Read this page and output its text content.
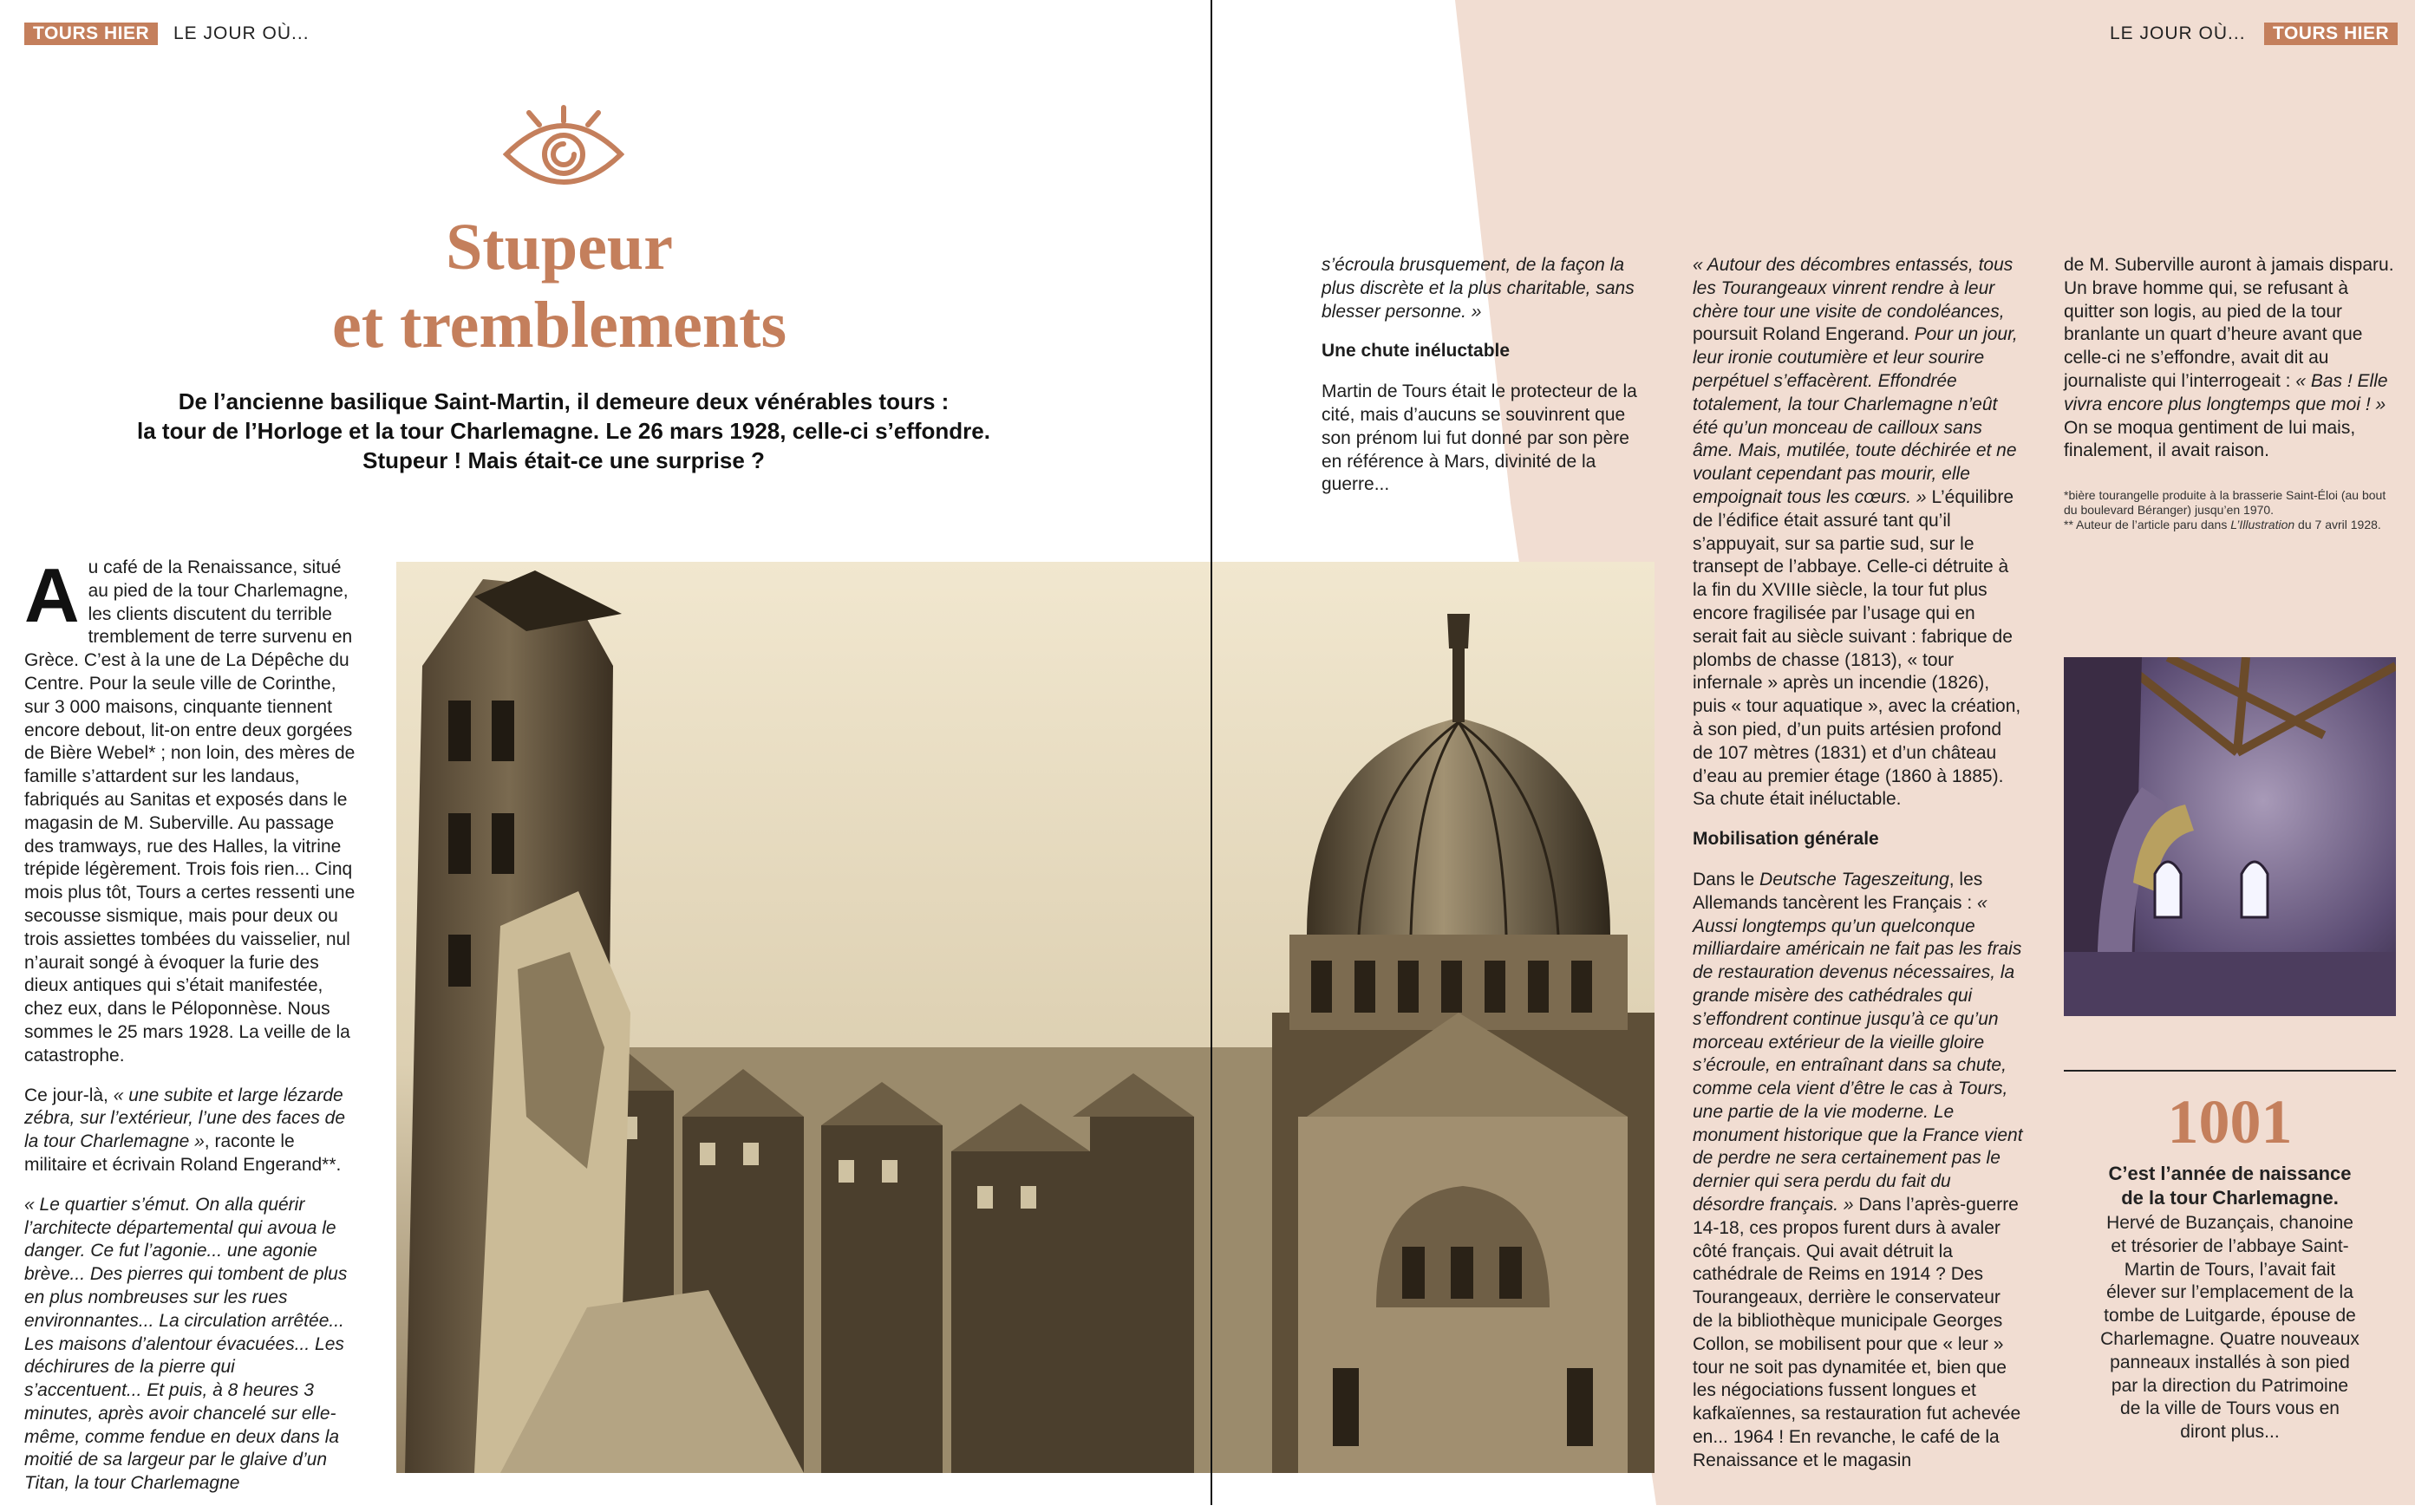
TOURS HIER	LE JOUR OÙ...	LE JOUR OÙ...	TOURS HIER
Stupeur
et tremblements
De l’ancienne basilique Saint-Martin, il demeure deux vénérables tours :
la tour de l’Horloge et la tour Charlemagne. Le 26 mars 1928, celle-ci s’effondre.
Stupeur ! Mais était-ce une surprise ?

Au café de la Renaissance, situé au pied de la tour Charlemagne, les clients discutent du terrible tremblement de terre survenu en Grèce. C’est à la une de La Dépêche du Centre. Pour la seule ville de Corinthe, sur 3 000 maisons, cinquante tiennent encore debout, lit-on entre deux gorgées de Bière Webel* ; non loin, des mères de famille s’attardent sur les landaus, fabriqués au Sanitas et exposés dans le magasin de M. Suberville. Au passage des tramways, rue des Halles, la vitrine trépide légèrement. Trois fois rien... Cinq mois plus tôt, Tours a certes ressenti une secousse sismique, mais pour deux ou trois assiettes tombées du vaisselier, nul n’aurait songé à évoquer la furie des dieux antiques qui s’était manifestée, chez eux, dans le Péloponnèse. Nous sommes le 25 mars 1928. La veille de la catastrophe.

Ce jour-là, « une subite et large lézarde zébra, sur l’extérieur, l’une des faces de la tour Charlemagne », raconte le militaire et écrivain Roland Engerand**.

« Le quartier s’émut. On alla quérir l’architecte départemental qui avoua le danger. Ce fut l’agonie... une agonie brève... Des pierres qui tombent de plus en plus nombreuses sur les rues environnantes... La circulation arrêtée... Les maisons d’alentour évacuées... Les déchirures de la pierre qui s’accentuent... Et puis, à 8 heures 3 minutes, après avoir chancelé sur elle-même, comme fendue en deux dans la moitié de sa largeur par le glaive d’un Titan, la tour Charlemagne

s’écroula brusquement, de la façon la plus discrète et la plus charitable, sans blesser personne. »

Une chute inéluctable

Martin de Tours était le protecteur de la cité, mais d’aucuns se souvinrent que son prénom lui fut donné par son père en référence à Mars, divinité de la guerre...

« Autour des décombres entassés, tous les Tourangeaux vinrent rendre à leur chère tour une visite de condoléances, poursuit Roland Engerand. Pour un jour, leur ironie coutumière et leur sourire perpétuel s’effacèrent. Effondrée totalement, la tour Charlemagne n’eût été qu’un monceau de cailloux sans âme. Mais, mutilée, toute déchirée et ne voulant cependant pas mourir, elle empoignait tous les cœurs. » L’équilibre de l’édifice était assuré tant qu’il s’appuyait, sur sa partie sud, sur le transept de l’abbaye. Celle-ci détruite à la fin du XVIIIe siècle, la tour fut plus encore fragilisée par l’usage qui en serait fait au siècle suivant : fabrique de plombs de chasse (1813), « tour infernale » après un incendie (1826), puis « tour aquatique », avec la création, à son pied, d’un puits artésien profond de 107 mètres (1831) et d’un château d’eau au premier étage (1860 à 1885). Sa chute était inéluctable.

Mobilisation générale

Dans le Deutsche Tageszeitung, les Allemands tancèrent les Français : « Aussi longtemps qu’un quelconque milliardaire américain ne fait pas les frais de restauration devenus nécessaires, la grande misère des cathédrales qui s’effondrent continue jusqu’à ce qu’un morceau extérieur de la vieille gloire s’écroule, en entraînant dans sa chute, comme cela vient d’être le cas à Tours, une partie de la vie moderne. Le monument historique que la France vient de perdre ne sera certainement pas le dernier qui sera perdu du fait du désordre français. » Dans l’après-guerre 14-18, ces propos furent durs à avaler côté français. Qui avait détruit la cathédrale de Reims en 1914 ? Des Tourangeaux, derrière le conservateur de la bibliothèque municipale Georges Collon, se mobilisent pour que « leur » tour ne soit pas dynamitée et, bien que les négociations fussent longues et kafkaïennes, sa restauration fut achevée en... 1964 ! En revanche, le café de la Renaissance et le magasin

de M. Suberville auront à jamais disparu. Un brave homme qui, se refusant à quitter son logis, au pied de la tour branlante un quart d’heure avant que celle-ci ne s’effondre, avait dit au journaliste qui l’interrogeait : « Bas ! Elle vivra encore plus longtemps que moi ! » On se moqua gentiment de lui mais, finalement, il avait raison.

*bière tourangelle produite à la brasserie Saint-Éloi (au bout du boulevard Béranger) jusqu’en 1970.

** Auteur de l’article paru dans L’Illustration du 7 avril 1928.

1001
C’est l’année de naissance
de la tour Charlemagne.
Hervé de Buzançais, chanoine
et trésorier de l’abbaye Saint-
Martin de Tours, l’avait fait
élever sur l’emplacement de la
tombe de Luitgarde, épouse de
Charlemagne. Quatre nouveaux
panneaux installés à son pied
par la direction du Patrimoine
de la ville de Tours vous en
diront plus...
